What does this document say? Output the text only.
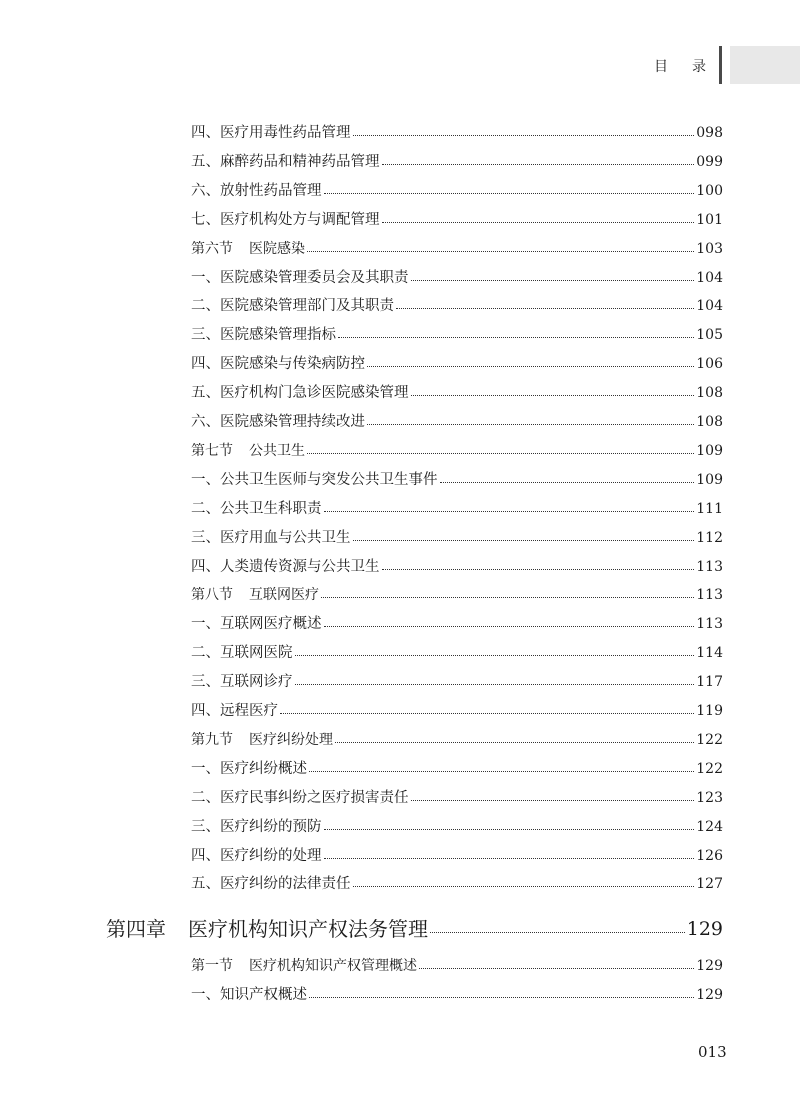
目 录
四、医疗用毒性药品管理	098
五、麻醉药品和精神药品管理	099
六、放射性药品管理	100
七、医疗机构处方与调配管理	101
第六节 医院感染	103
一、医院感染管理委员会及其职责	104
二、医院感染管理部门及其职责	104
三、医院感染管理指标	105
四、医院感染与传染病防控	106
五、医疗机构门急诊医院感染管理	108
六、医院感染管理持续改进	108
第七节 公共卫生	109
一、公共卫生医师与突发公共卫生事件	109
二、公共卫生科职责	111
三、医疗用血与公共卫生	112
四、人类遗传资源与公共卫生	113
第八节 互联网医疗	113
一、互联网医疗概述	113
二、互联网医院	114
三、互联网诊疗	117
四、远程医疗	119
第九节 医疗纠纷处理	122
一、医疗纠纷概述	122
二、医疗民事纠纷之医疗损害责任	123
三、医疗纠纷的预防	124
四、医疗纠纷的处理	126
五、医疗纠纷的法律责任	127
第四章 医疗机构知识产权法务管理	129
第一节 医疗机构知识产权管理概述	129
一、知识产权概述	129
013
